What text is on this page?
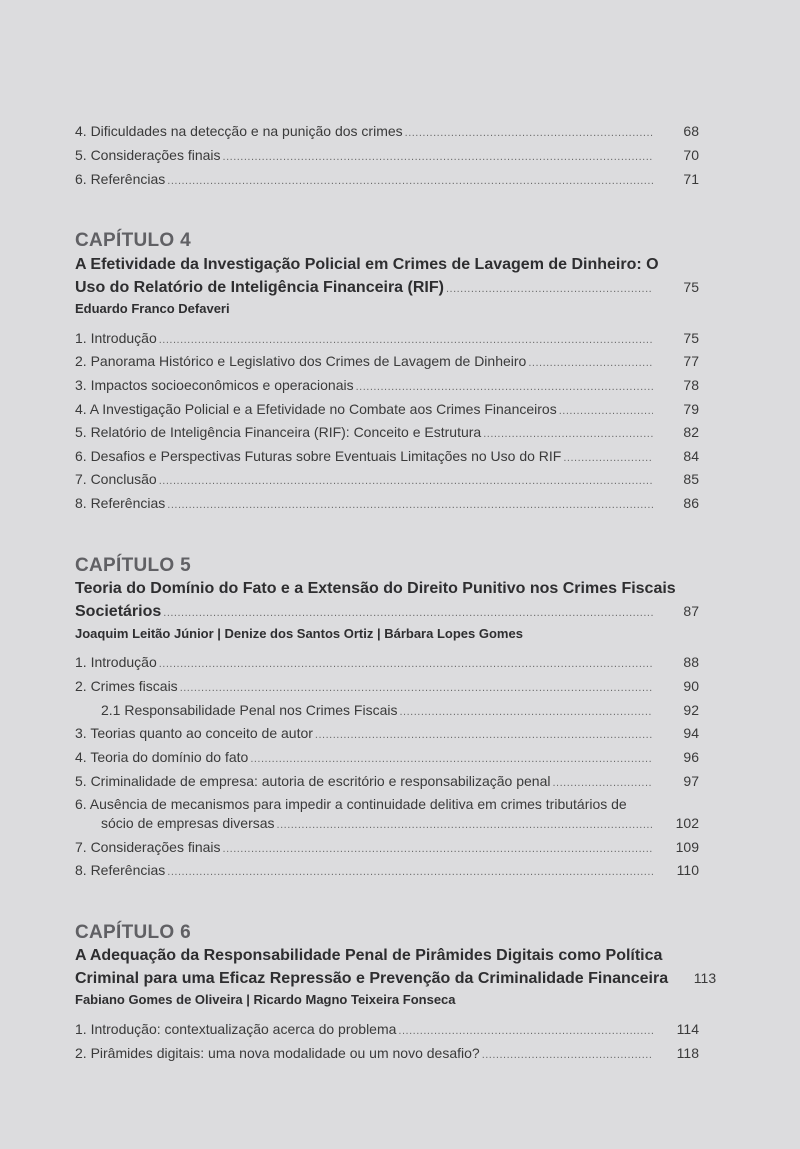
4. Dificuldades na detecção e na punição dos crimes .....	68
5. Considerações finais .....	70
6. Referências .....	71
CAPÍTULO 4
A Efetividade da Investigação Policial em Crimes de Lavagem de Dinheiro: O
Uso do Relatório de Inteligência Financeira (RIF) .....	75
Eduardo Franco Defaveri
1. Introdução .....	75
2. Panorama Histórico e Legislativo dos Crimes de Lavagem de Dinheiro .....	77
3. Impactos socioeconômicos e operacionais .....	78
4. A Investigação Policial e a Efetividade no Combate aos Crimes Financeiros .....	79
5. Relatório de Inteligência Financeira (RIF): Conceito e Estrutura .....	82
6. Desafios e Perspectivas Futuras sobre Eventuais Limitações no Uso do RIF .....	84
7. Conclusão .....	85
8. Referências .....	86
CAPÍTULO 5
Teoria do Domínio do Fato e a Extensão do Direito Punitivo nos Crimes Fiscais
Societários .....	87
Joaquim Leitão Júnior | Denize dos Santos Ortiz | Bárbara Lopes Gomes
1. Introdução .....	88
2. Crimes fiscais .....	90
2.1 Responsabilidade Penal nos Crimes Fiscais .....	92
3. Teorias quanto ao conceito de autor .....	94
4. Teoria do domínio do fato .....	96
5. Criminalidade de empresa: autoria de escritório e responsabilização penal .....	97
6. Ausência de mecanismos para impedir a continuidade delitiva em crimes tributários de
sócio de empresas diversas .....	102
7. Considerações finais .....	109
8. Referências .....	110
CAPÍTULO 6
A Adequação da Responsabilidade Penal de Pirâmides Digitais como Política
Criminal para uma Eficaz Repressão e Prevenção da Criminalidade Financeira	113
Fabiano Gomes de Oliveira | Ricardo Magno Teixeira Fonseca
1. Introdução: contextualização acerca do problema .....	114
2. Pirâmides digitais: uma nova modalidade ou um novo desafio? .....	118
